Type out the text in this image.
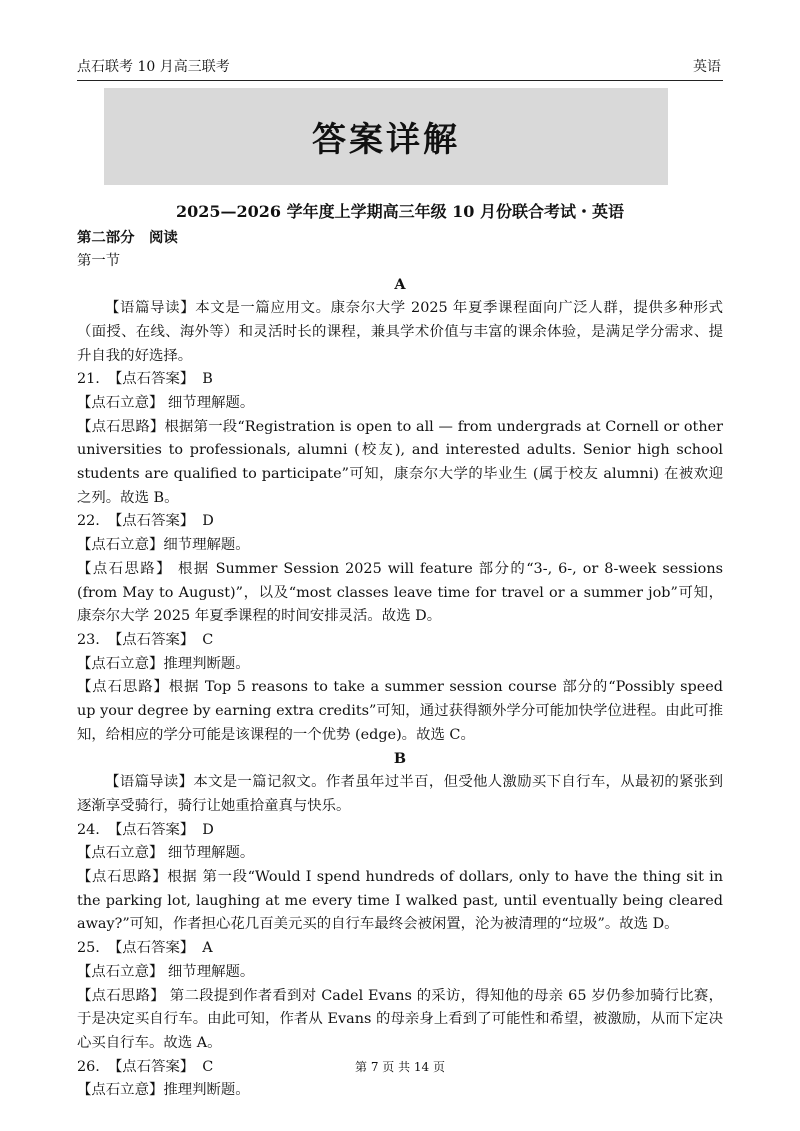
点石联考 10 月高三联考	英语
答案详解

2025—2026 学年度上学期高三年级 10 月份联合考试・英语

第二部分　阅读

第一节

A

【语篇导读】本文是一篇应用文。康奈尔大学 2025 年夏季课程面向广泛人群，提供多种形式（面授、在线、海外等）和灵活时长的课程，兼具学术价值与丰富的课余体验，是满足学分需求、提升自我的好选择。

21. 【点石答案】 B

【点石立意】 细节理解题。

【点石思路】根据第一段“Registration is open to all — from undergrads at Cornell or other universities to professionals, alumni (校友), and interested adults. Senior high school students are qualified to participate”可知，康奈尔大学的毕业生 (属于校友 alumni) 在被欢迎之列。故选 B。

22. 【点石答案】 D

【点石立意】细节理解题。

【点石思路】 根据 Summer Session 2025 will feature 部分的“3-, 6-, or 8-week sessions (from May to August)”，以及“most classes leave time for travel or a summer job”可知，康奈尔大学 2025 年夏季课程的时间安排灵活。故选 D。

23. 【点石答案】 C

【点石立意】推理判断题。

【点石思路】根据 Top 5 reasons to take a summer session course 部分的“Possibly speed up your degree by earning extra credits”可知，通过获得额外学分可能加快学位进程。由此可推知，给相应的学分可能是该课程的一个优势 (edge)。故选 C。

B

【语篇导读】本文是一篇记叙文。作者虽年过半百，但受他人激励买下自行车，从最初的紧张到逐渐享受骑行，骑行让她重拾童真与快乐。

24. 【点石答案】 D

【点石立意】 细节理解题。

【点石思路】根据 第一段“Would I spend hundreds of dollars, only to have the thing sit in the parking lot, laughing at me every time I walked past, until eventually being cleared away?”可知，作者担心花几百美元买的自行车最终会被闲置，沦为被清理的“垃圾”。故选 D。

25. 【点石答案】 A

【点石立意】 细节理解题。

【点石思路】 第二段提到作者看到对 Cadel Evans 的采访，得知他的母亲 65 岁仍参加骑行比赛，于是决定买自行车。由此可知，作者从 Evans 的母亲身上看到了可能性和希望，被激励，从而下定决心买自行车。故选 A。

26. 【点石答案】 C

【点石立意】推理判断题。

第 7 页 共 14 页
